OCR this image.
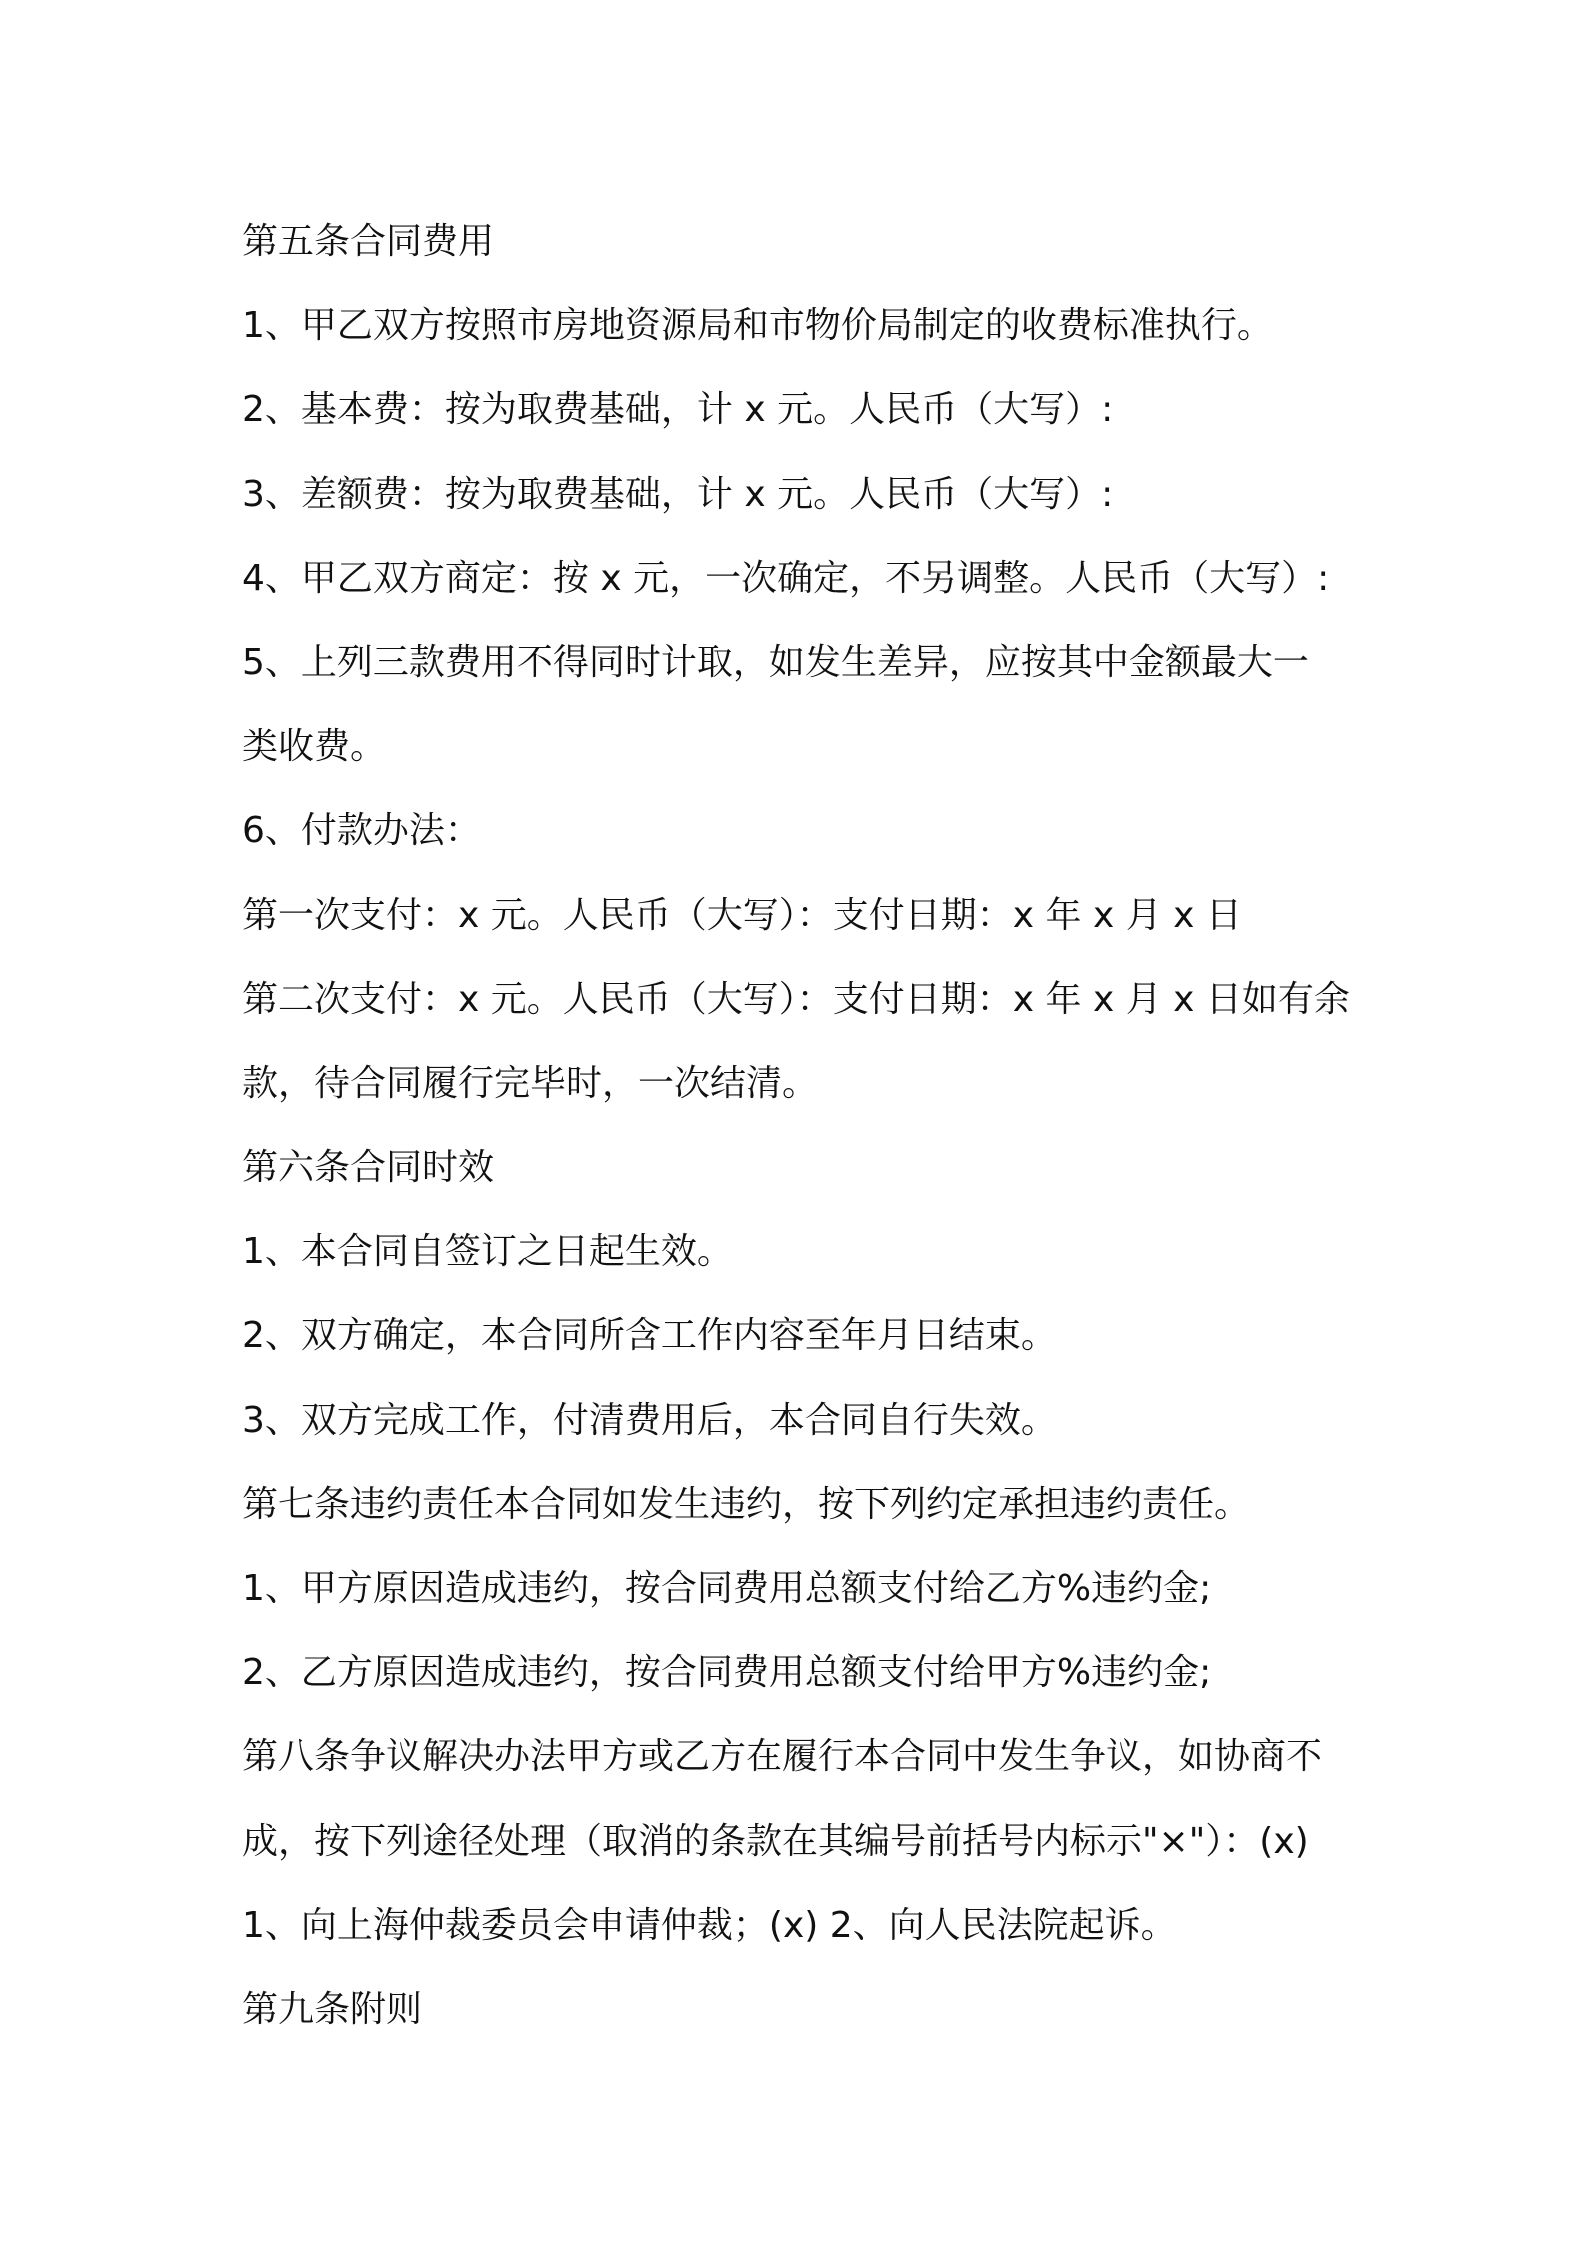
第五条合同费用
1、甲乙双方按照市房地资源局和市物价局制定的收费标准执行。
2、基本费：按为取费基础，计 x 元。人民币（大写）:
3、差额费：按为取费基础，计 x 元。人民币（大写）:
4、甲乙双方商定：按 x 元，一次确定，不另调整。人民币（大写）:
5、上列三款费用不得同时计取，如发生差异，应按其中金额最大一
类收费。
6、付款办法：
第一次支付：x 元。人民币（大写）：支付日期：x 年 x 月 x 日
第二次支付：x 元。人民币（大写）：支付日期：x 年 x 月 x 日如有余
款，待合同履行完毕时，一次结清。
第六条合同时效
1、本合同自签订之日起生效。
2、双方确定，本合同所含工作内容至年月日结束。
3、双方完成工作，付清费用后，本合同自行失效。
第七条违约责任本合同如发生违约，按下列约定承担违约责任。
1、甲方原因造成违约，按合同费用总额支付给乙方%违约金;
2、乙方原因造成违约，按合同费用总额支付给甲方%违约金;
第八条争议解决办法甲方或乙方在履行本合同中发生争议，如协商不
成，按下列途径处理（取消的条款在其编号前括号内标示"×"）：(x)
1、向上海仲裁委员会申请仲裁；(x) 2、向人民法院起诉。
第九条附则
